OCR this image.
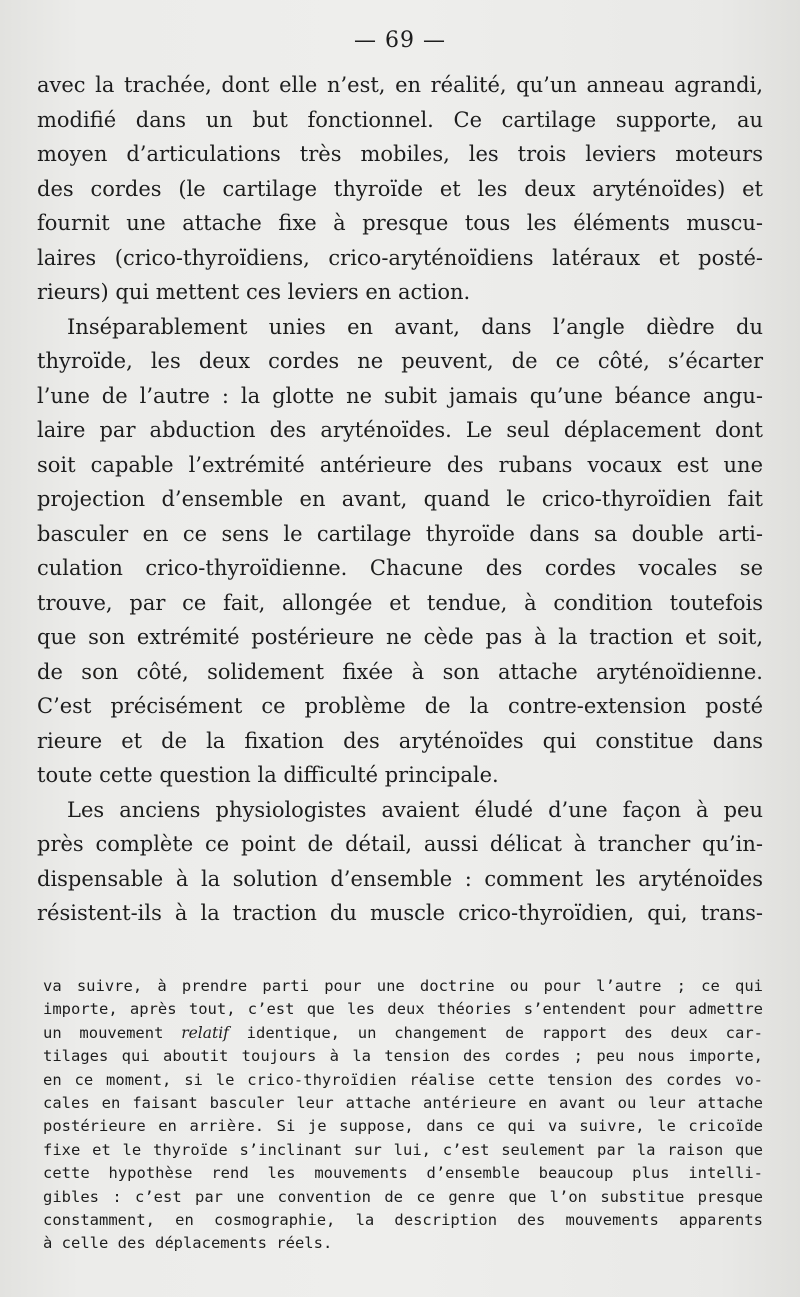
— 69 —

avec la trachée, dont elle n’est, en réalité, qu’un anneau agrandi,
modifié dans un but fonctionnel. Ce cartilage supporte, au
moyen d’articulations très mobiles, les trois leviers moteurs
des cordes (le cartilage thyroïde et les deux aryténoïdes) et
fournit une attache fixe à presque tous les éléments muscu-
laires (crico-thyroïdiens, crico-aryténoïdiens latéraux et posté-
rieurs) qui mettent ces leviers en action.

Inséparablement unies en avant, dans l’angle dièdre du
thyroïde, les deux cordes ne peuvent, de ce côté, s’écarter
l’une de l’autre : la glotte ne subit jamais qu’une béance angu-
laire par abduction des aryténoïdes. Le seul déplacement dont
soit capable l’extrémité antérieure des rubans vocaux est une
projection d’ensemble en avant, quand le crico-thyroïdien fait
basculer en ce sens le cartilage thyroïde dans sa double arti-
culation crico-thyroïdienne. Chacune des cordes vocales se
trouve, par ce fait, allongée et tendue, à condition toutefois
que son extrémité postérieure ne cède pas à la traction et soit,
de son côté, solidement fixée à son attache aryténoïdienne.
C’est précisément ce problème de la contre-extension posté
rieure et de la fixation des aryténoïdes qui constitue dans
toute cette question la difficulté principale.

Les anciens physiologistes avaient éludé d’une façon à peu
près complète ce point de détail, aussi délicat à trancher qu’in-
dispensable à la solution d’ensemble : comment les aryténoïdes
résistent-ils à la traction du muscle crico-thyroïdien, qui, trans-

va suivre, à prendre parti pour une doctrine ou pour l’autre ; ce qui
importe, après tout, c’est que les deux théories s’entendent pour admettre
un mouvement relatif identique, un changement de rapport des deux car-
tilages qui aboutit toujours à la tension des cordes ; peu nous importe,
en ce moment, si le crico-thyroïdien réalise cette tension des cordes vo-
cales en faisant basculer leur attache antérieure en avant ou leur attache
postérieure en arrière. Si je suppose, dans ce qui va suivre, le cricoïde
fixe et le thyroïde s’inclinant sur lui, c’est seulement par la raison que
cette hypothèse rend les mouvements d’ensemble beaucoup plus intelli-
gibles : c’est par une convention de ce genre que l’on substitue presque
constamment, en cosmographie, la description des mouvements apparents
à celle des déplacements réels.
